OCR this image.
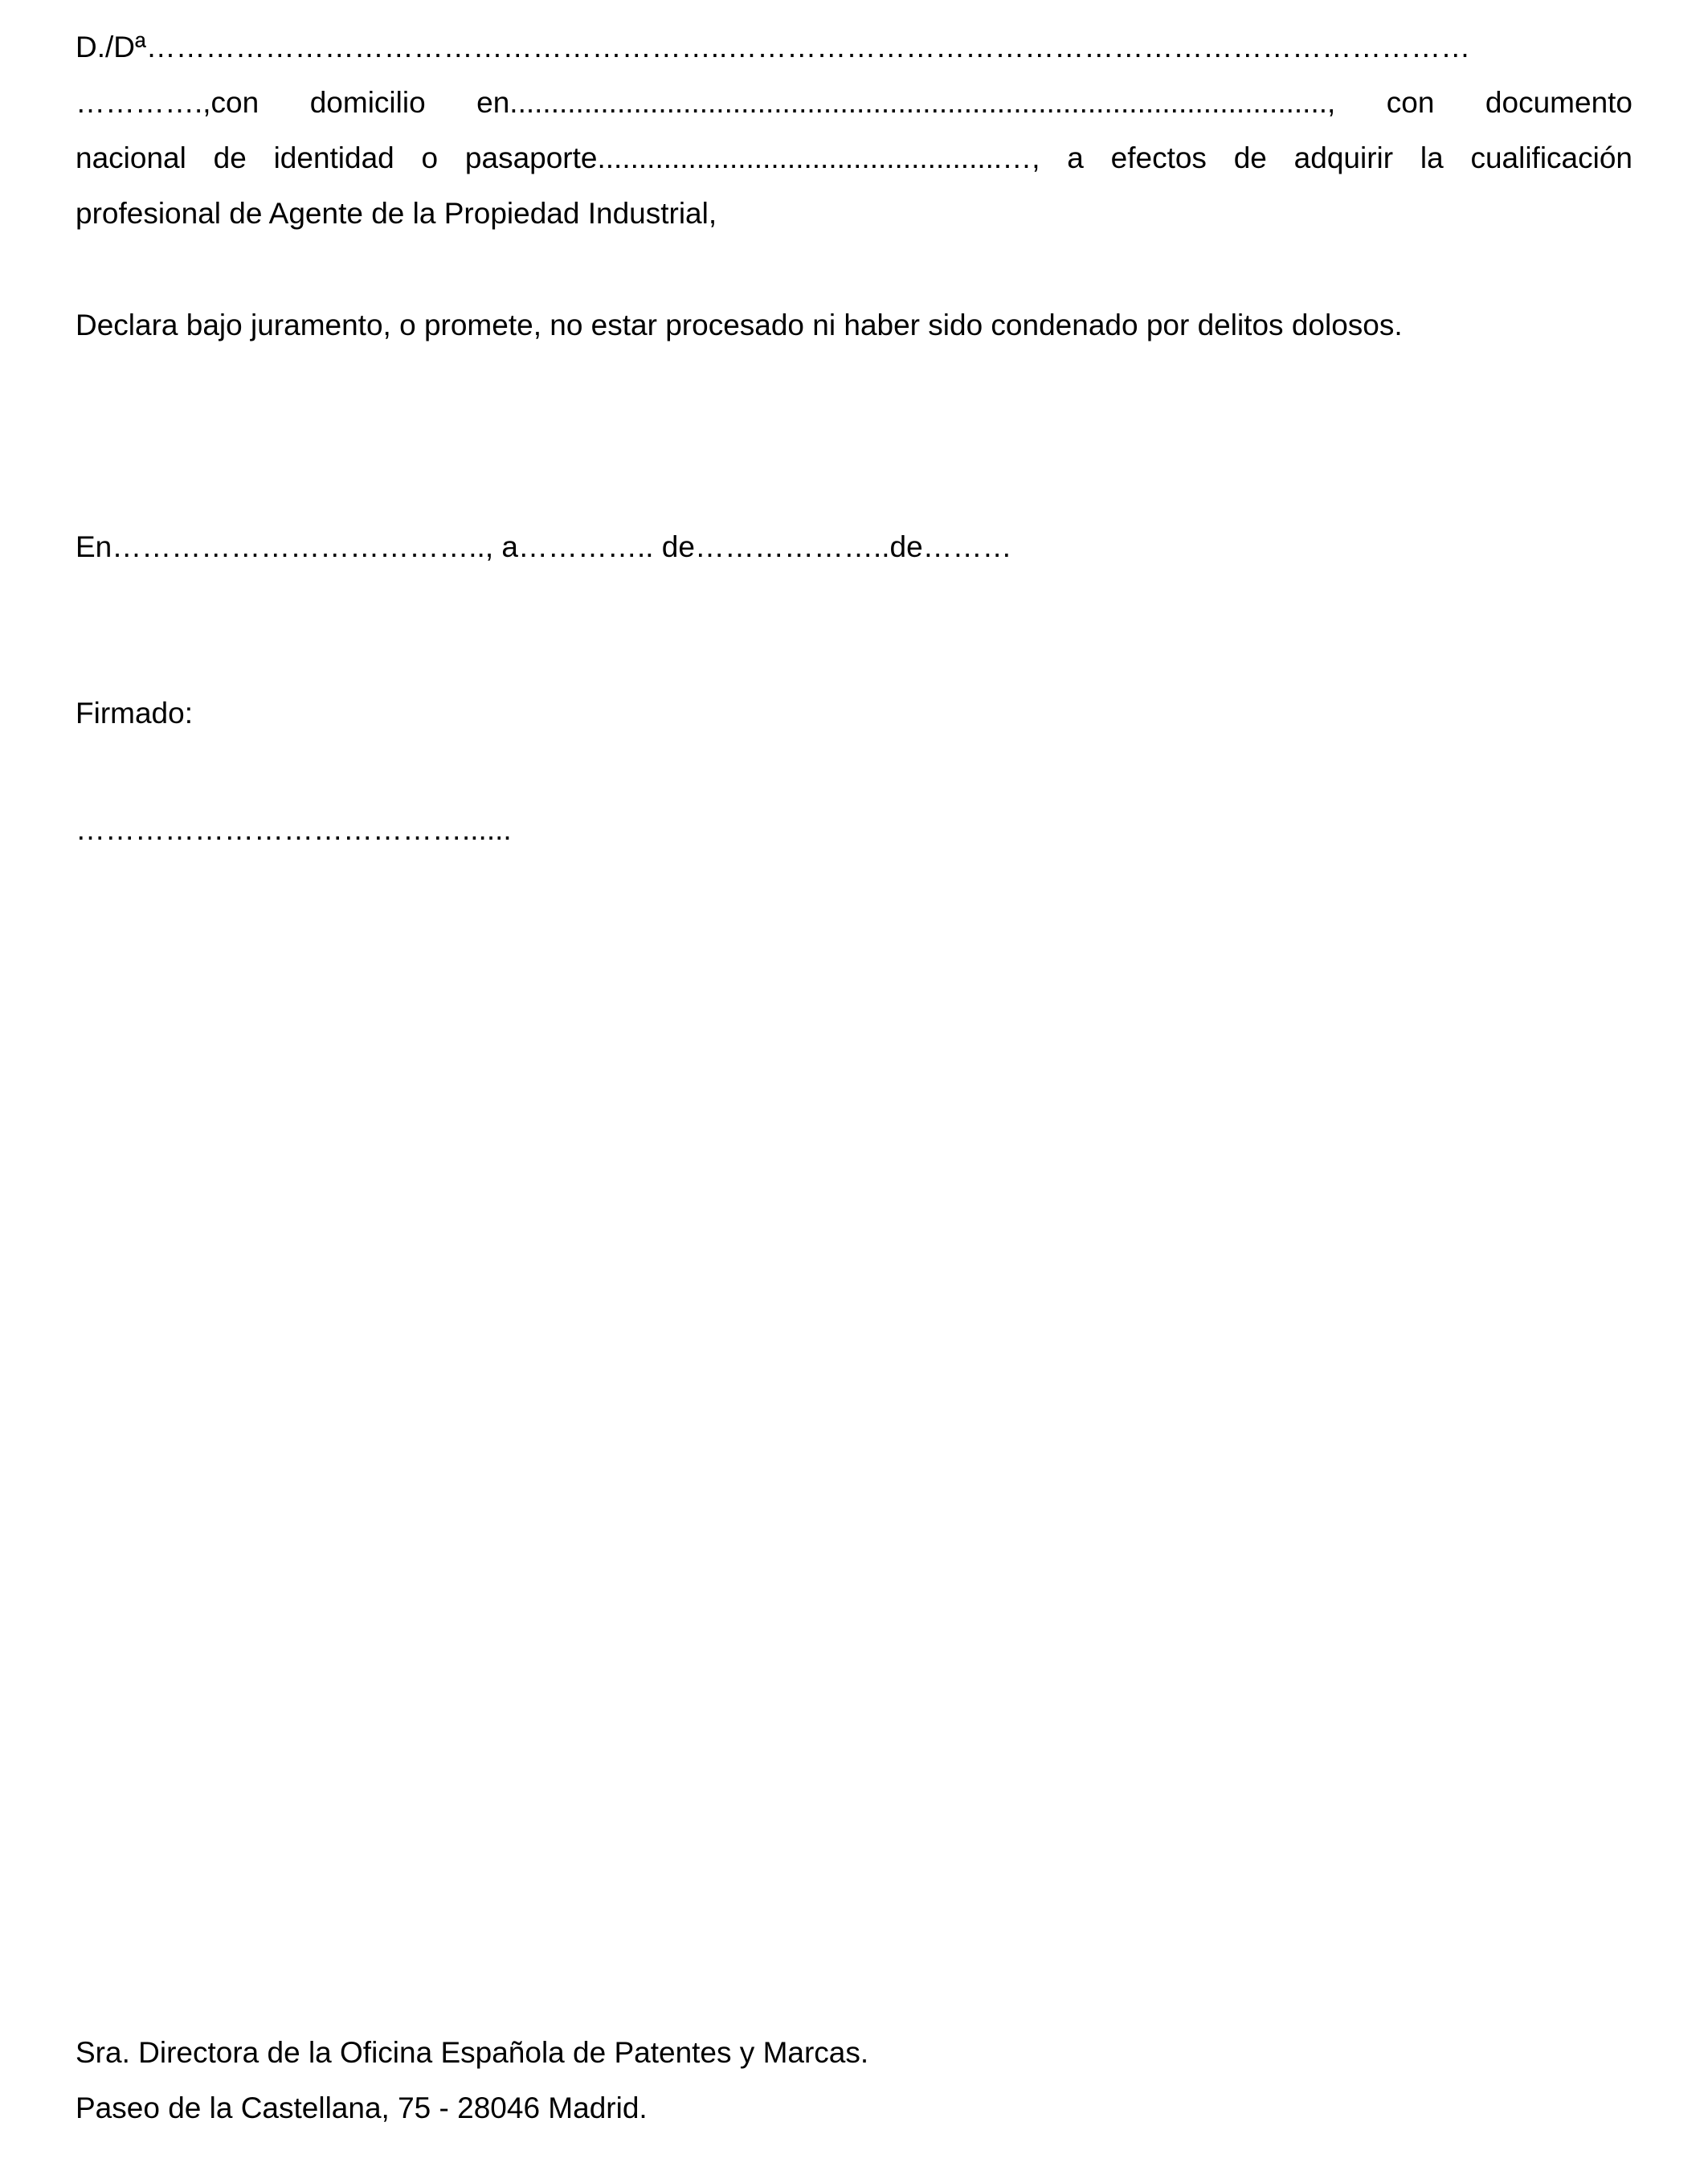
D./Dª…………………………………………………..…………………………………………………………………

………….,con domicilio en..................................................................................................., con documento
nacional de identidad o pasaporte.................................................…, a efectos de adquirir la cualificación
profesional de Agente de la Propiedad Industrial,

Declara bajo juramento, o promete, no estar procesado ni haber sido condenado por delitos dolosos.

En……………………………….., a………….. de………………..de………

Firmado:

…………………………………......

Sra. Directora de la Oficina Española de Patentes y Marcas.

Paseo de la Castellana, 75 - 28046 Madrid.
